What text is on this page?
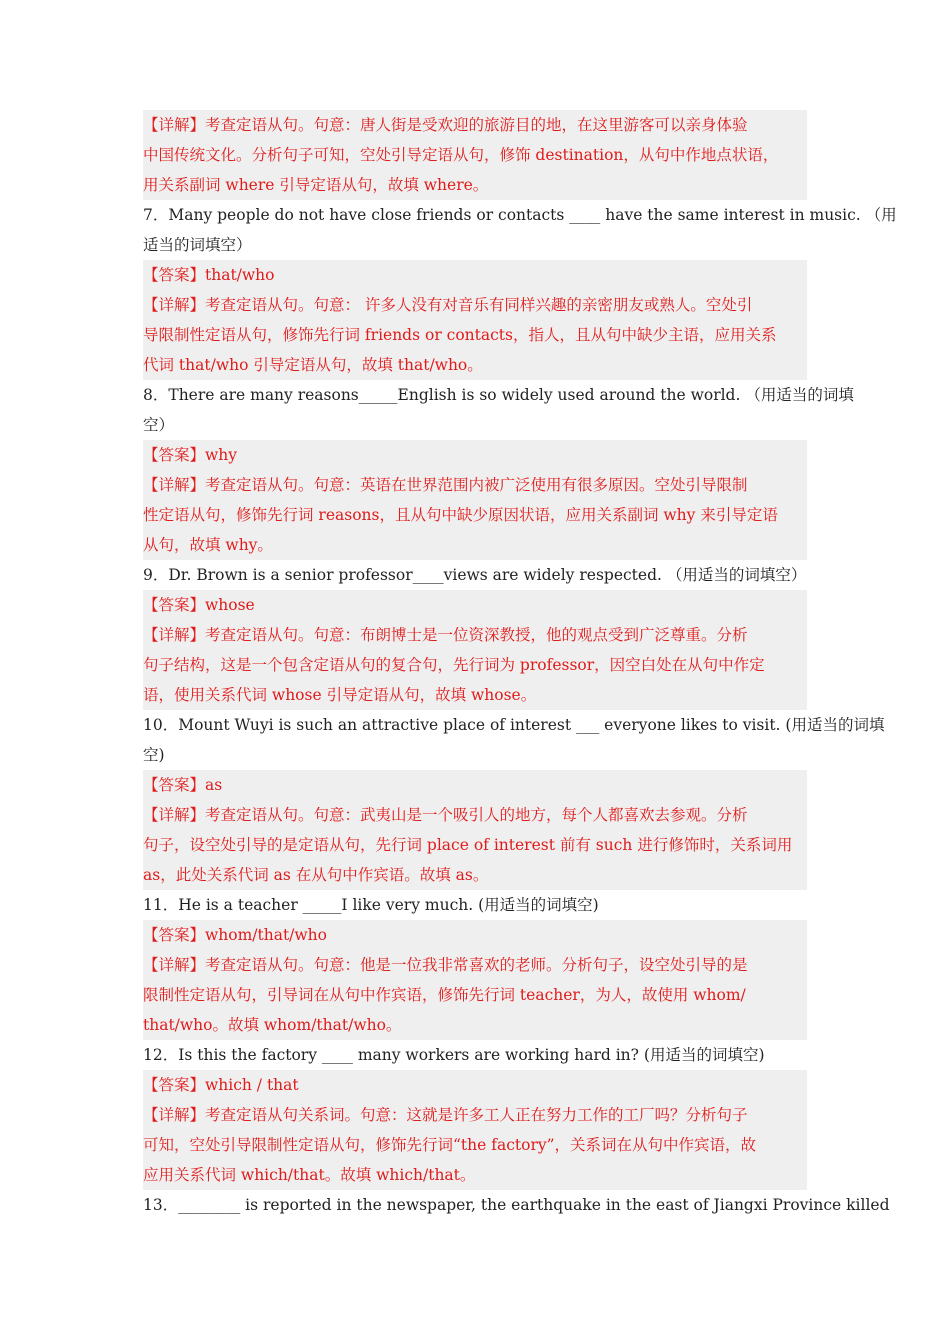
【详解】考查定语从句。句意：唐人街是受欢迎的旅游目的地，在这里游客可以亲身体验
中国传统文化。分析句子可知，空处引导定语从句，修饰 destination，从句中作地点状语，
用关系副词 where 引导定语从句，故填 where。
7．Many people do not have close friends or contacts ____ have the same interest in music. （用
适当的词填空）
【答案】that/who
【详解】考查定语从句。句意： 许多人没有对音乐有同样兴趣的亲密朋友或熟人。空处引
导限制性定语从句，修饰先行词 friends or contacts，指人，且从句中缺少主语，应用关系
代词 that/who 引导定语从句，故填 that/who。
8．There are many reasons_____English is so widely used around the world. （用适当的词填
空）
【答案】why
【详解】考查定语从句。句意：英语在世界范围内被广泛使用有很多原因。空处引导限制
性定语从句，修饰先行词 reasons，且从句中缺少原因状语，应用关系副词 why 来引导定语
从句，故填 why。
9．Dr. Brown is a senior professor____views are widely respected. （用适当的词填空）
【答案】whose
【详解】考查定语从句。句意：布朗博士是一位资深教授，他的观点受到广泛尊重。分析
句子结构，这是一个包含定语从句的复合句，先行词为 professor，因空白处在从句中作定
语，使用关系代词 whose 引导定语从句，故填 whose。
10．Mount Wuyi is such an attractive place of interest ___ everyone likes to visit. (用适当的词填
空)
【答案】as
【详解】考查定语从句。句意：武夷山是一个吸引人的地方，每个人都喜欢去参观。分析
句子，设空处引导的是定语从句，先行词 place of interest 前有 such 进行修饰时，关系词用
as，此处关系代词 as 在从句中作宾语。故填 as。
11．He is a teacher _____I like very much. (用适当的词填空)
【答案】whom/that/who
【详解】考查定语从句。句意：他是一位我非常喜欢的老师。分析句子，设空处引导的是
限制性定语从句，引导词在从句中作宾语，修饰先行词 teacher，为人，故使用 whom/
that/who。故填 whom/that/who。
12．Is this the factory ____ many workers are working hard in? (用适当的词填空)
【答案】which / that
【详解】考查定语从句关系词。句意：这就是许多工人正在努力工作的工厂吗？分析句子
可知，空处引导限制性定语从句，修饰先行词“the factory”，关系词在从句中作宾语，故
应用关系代词 which/that。故填 which/that。
13．________ is reported in the newspaper, the earthquake in the east of Jiangxi Province killed
